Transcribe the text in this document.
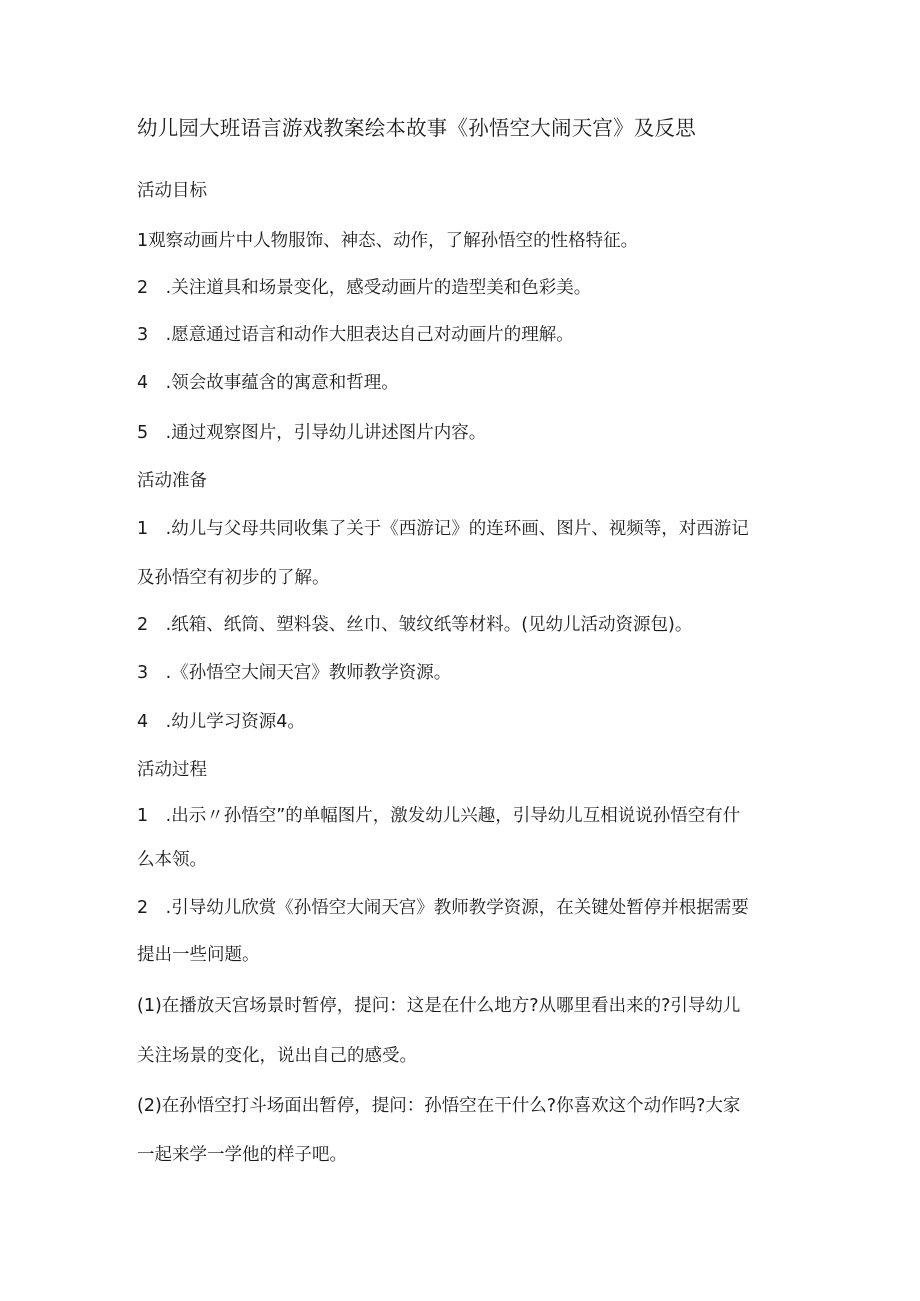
幼儿园大班语言游戏教案绘本故事《孙悟空大闹天宫》及反思
活动目标
1观察动画片中人物服饰、神态、动作，了解孙悟空的性格特征。
2　.关注道具和场景变化，感受动画片的造型美和色彩美。
3　.愿意通过语言和动作大胆表达自己对动画片的理解。
4　.领会故事蕴含的寓意和哲理。
5　.通过观察图片，引导幼儿讲述图片内容。
活动准备
1　.幼儿与父母共同收集了关于《西游记》的连环画、图片、视频等，对西游记
及孙悟空有初步的了解。
2　.纸箱、纸筒、塑料袋、丝巾、皱纹纸等材料。(见幼儿活动资源包)。
3　.《孙悟空大闹天宫》教师教学资源。
4　.幼儿学习资源4。
活动过程
1　.出示〃孙悟空”的单幅图片，激发幼儿兴趣，引导幼儿互相说说孙悟空有什
么本领。
2　.引导幼儿欣赏《孙悟空大闹天宫》教师教学资源，在关键处暂停并根据需要
提出一些问题。
(1)在播放天宫场景时暂停，提问：这是在什么地方?从哪里看出来的?引导幼儿
关注场景的变化，说出自己的感受。
(2)在孙悟空打斗场面出暂停，提问：孙悟空在干什么?你喜欢这个动作吗?大家
一起来学一学他的样子吧。
